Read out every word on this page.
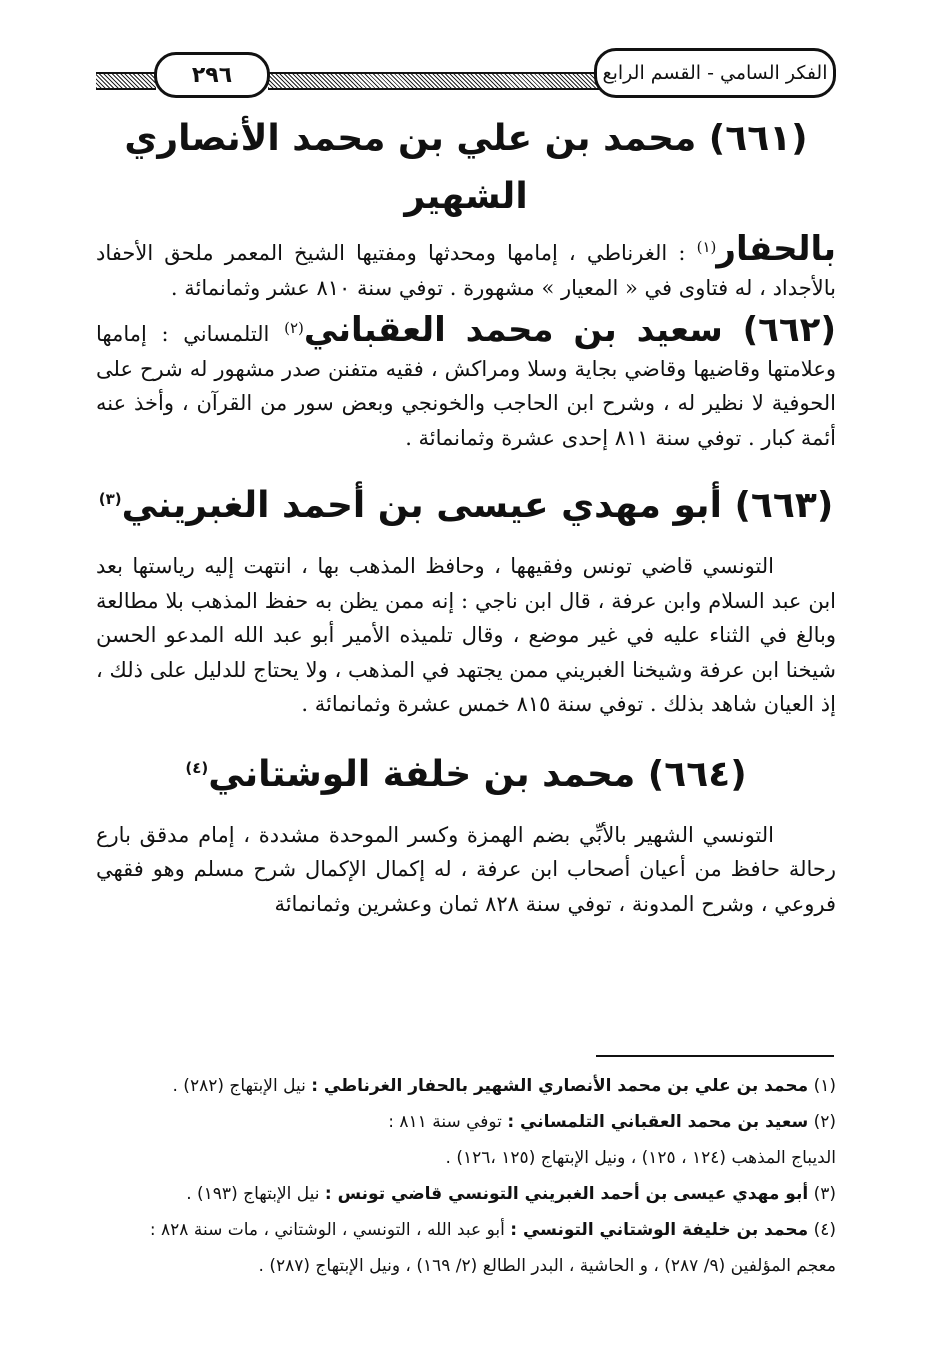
٢٩٦	الفكر السامي - القسم الرابع

(٦٦١) محمد بن علي بن محمد الأنصاري الشهير

بالحفار$^{(١)}$ : الغرناطي ، إمامها ومحدثها ومفتيها الشيخ المعمر ملحق الأحفاد بالأجداد ، له فتاوى في « المعيار » مشهورة . توفي سنة ٨١٠ عشر وثمانمائة .

(٦٦٢) سعيد بن محمد العقباني$^{(٢)}$ التلمساني : إمامها وعلامتها وقاضيها وقاضي بجاية وسلا ومراكش ، فقيه متفنن صدر مشهور له شرح على الحوفية لا نظير له ، وشرح ابن الحاجب والخونجي وبعض سور من القرآن ، وأخذ عنه أئمة كبار . توفي سنة ٨١١ إحدى عشرة وثمانمائة .

(٦٦٣) أبو مهدي عيسى بن أحمد الغبريني$^{(٣)}$

التونسي قاضي تونس وفقيهها ، وحافظ المذهب بها ، انتهت إليه رياستها بعد ابن عبد السلام وابن عرفة ، قال ابن ناجي : إنه ممن يظن به حفظ المذهب بلا مطالعة وبالغ في الثناء عليه في غير موضع ، وقال تلميذه الأمير أبو عبد الله المدعو الحسن شيخنا ابن عرفة وشيخنا الغبريني ممن يجتهد في المذهب ، ولا يحتاج للدليل على ذلك ، إذ العيان شاهد بذلك . توفي سنة ٨١٥ خمس عشرة وثمانمائة .

(٦٦٤) محمد بن خلفة الوشتاني$^{(٤)}$

التونسي الشهير بالأبِّي بضم الهمزة وكسر الموحدة مشددة ، إمام مدقق بارع رحالة حافظ من أعيان أصحاب ابن عرفة ، له إكمال الإكمال شرح مسلم وهو فقهي فروعي ، وشرح المدونة ، توفي سنة ٨٢٨ ثمان وعشرين وثمانمائة

(١) محمد بن علي بن محمد الأنصاري الشهير بالحفار الغرناطي : نيل الإبتهاج (٢٨٢) .

(٢) سعيد بن محمد العقباني التلمساني : توفي سنة ٨١١ :

الديباج المذهب (١٢٤ ، ١٢٥) ، ونيل الإبتهاج (١٢٥ ،١٢٦) .

(٣) أبو مهدي عيسى بن أحمد الغبريني التونسي قاضي تونس : نيل الإبتهاج (١٩٣) .

(٤) محمد بن خليفة الوشتاني التونسي : أبو عبد الله ، التونسي ، الوشتاني ، مات سنة ٨٢٨ :

معجم المؤلفين (٩/ ٢٨٧) ، و الحاشية ، البدر الطالع (٢/ ١٦٩) ، ونيل الإبتهاج (٢٨٧) .
